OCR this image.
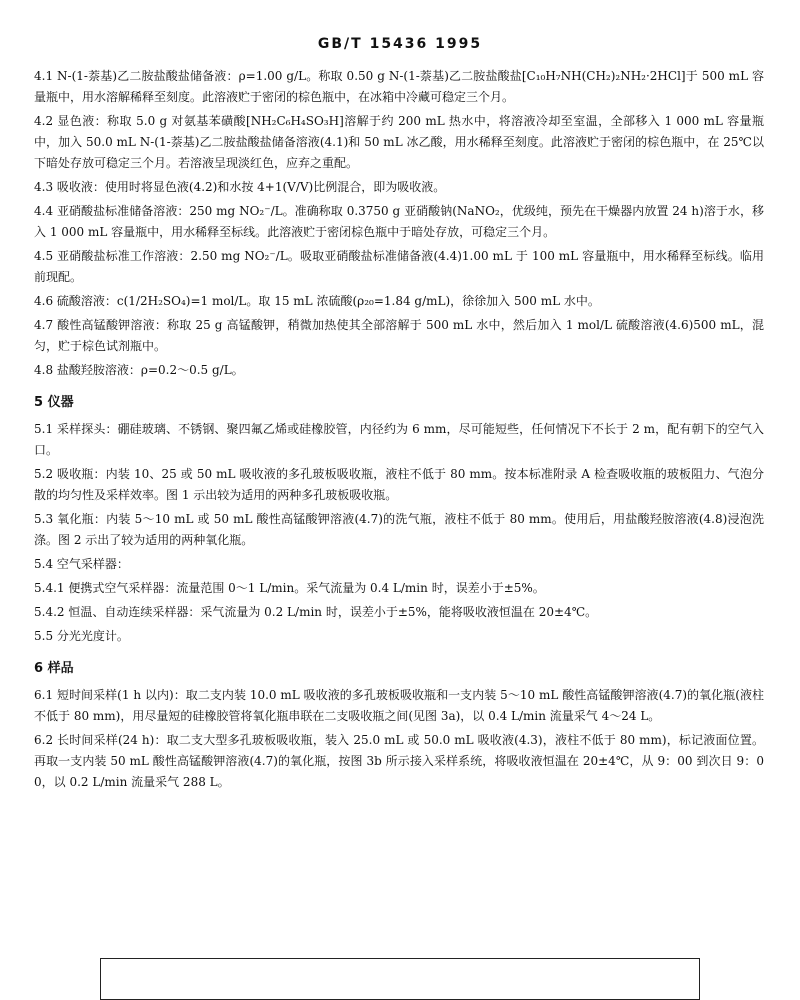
GB/T 15436 1995

4.1 N-(1-萘基)乙二胺盐酸盐储备液：ρ=1.00 g/L。称取 0.50 g N-(1-萘基)乙二胺盐酸盐[C₁₀H₇NH(CH₂)₂NH₂·2HCl]于 500 mL 容量瓶中，用水溶解稀释至刻度。此溶液贮于密闭的棕色瓶中，在冰箱中冷藏可稳定三个月。

4.2 显色液：称取 5.0 g 对氨基苯磺酸[NH₂C₆H₄SO₃H]溶解于约 200 mL 热水中，将溶液冷却至室温，全部移入 1 000 mL 容量瓶中，加入 50.0 mL N-(1-萘基)乙二胺盐酸盐储备溶液(4.1)和 50 mL 冰乙酸，用水稀释至刻度。此溶液贮于密闭的棕色瓶中，在 25℃以下暗处存放可稳定三个月。若溶液呈现淡红色，应弃之重配。

4.3 吸收液：使用时将显色液(4.2)和水按 4+1(V/V)比例混合，即为吸收液。

4.4 亚硝酸盐标准储备溶液：250 mg NO₂⁻/L。准确称取 0.3750 g 亚硝酸钠(NaNO₂，优级纯，预先在干燥器内放置 24 h)溶于水，移入 1 000 mL 容量瓶中，用水稀释至标线。此溶液贮于密闭棕色瓶中于暗处存放，可稳定三个月。

4.5 亚硝酸盐标准工作溶液：2.50 mg NO₂⁻/L。吸取亚硝酸盐标准储备液(4.4)1.00 mL 于 100 mL 容量瓶中，用水稀释至标线。临用前现配。

4.6 硫酸溶液：c(1/2H₂SO₄)=1 mol/L。取 15 mL 浓硫酸(ρ₂₀=1.84 g/mL)，徐徐加入 500 mL 水中。

4.7 酸性高锰酸钾溶液：称取 25 g 高锰酸钾，稍微加热使其全部溶解于 500 mL 水中，然后加入 1 mol/L 硫酸溶液(4.6)500 mL，混匀，贮于棕色试剂瓶中。

4.8 盐酸羟胺溶液：ρ=0.2～0.5 g/L。

5 仪器

5.1 采样探头：硼硅玻璃、不锈钢、聚四氟乙烯或硅橡胶管，内径约为 6 mm，尽可能短些，任何情况下不长于 2 m，配有朝下的空气入口。

5.2 吸收瓶：内装 10、25 或 50 mL 吸收液的多孔玻板吸收瓶，液柱不低于 80 mm。按本标准附录 A 检查吸收瓶的玻板阻力、气泡分散的均匀性及采样效率。图 1 示出较为适用的两种多孔玻板吸收瓶。

5.3 氧化瓶：内装 5～10 mL 或 50 mL 酸性高锰酸钾溶液(4.7)的洗气瓶，液柱不低于 80 mm。使用后，用盐酸羟胺溶液(4.8)浸泡洗涤。图 2 示出了较为适用的两种氧化瓶。

5.4 空气采样器：

5.4.1 便携式空气采样器：流量范围 0～1 L/min。采气流量为 0.4 L/min 时，误差小于±5%。

5.4.2 恒温、自动连续采样器：采气流量为 0.2 L/min 时，误差小于±5%，能将吸收液恒温在 20±4℃。

5.5 分光光度计。

6 样品

6.1 短时间采样(1 h 以内)：取二支内装 10.0 mL 吸收液的多孔玻板吸收瓶和一支内装 5～10 mL 酸性高锰酸钾溶液(4.7)的氧化瓶(液柱不低于 80 mm)，用尽量短的硅橡胶管将氧化瓶串联在二支吸收瓶之间(见图 3a)，以 0.4 L/min 流量采气 4～24 L。

6.2 长时间采样(24 h)：取二支大型多孔玻板吸收瓶，装入 25.0 mL 或 50.0 mL 吸收液(4.3)，液柱不低于 80 mm)，标记液面位置。再取一支内装 50 mL 酸性高锰酸钾溶液(4.7)的氧化瓶，按图 3b 所示接入采样系统，将吸收液恒温在 20±4℃，从 9：00 到次日 9：00，以 0.2 L/min 流量采气 288 L。
